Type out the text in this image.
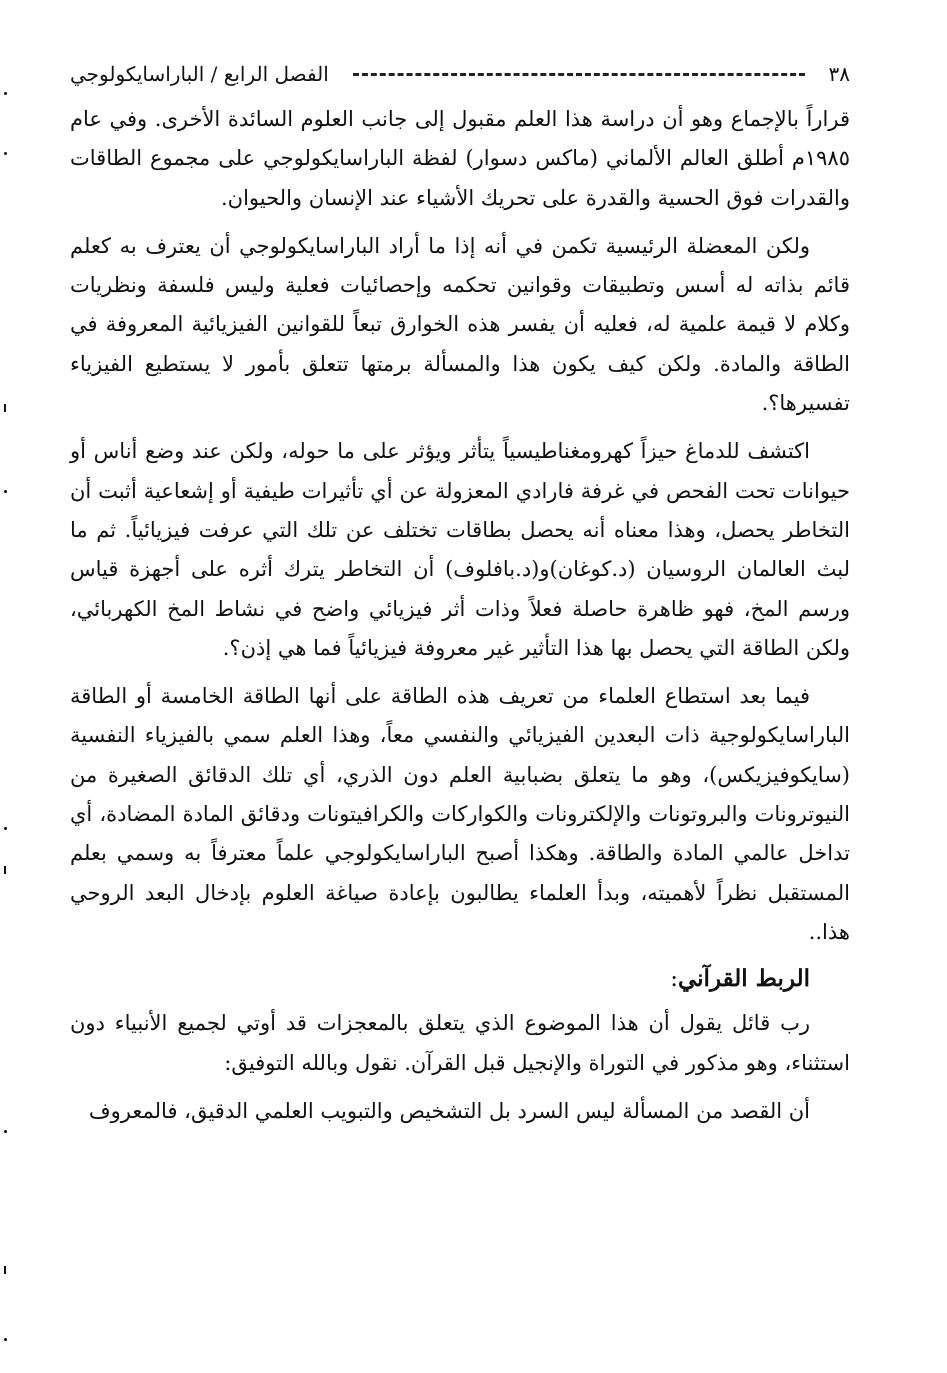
٣٨
الفصل الرابع / الباراسايكولوجي

قراراً بالإجماع وهو أن دراسة هذا العلم مقبول إلى جانب العلوم السائدة الأخرى. وفي عام ١٩٨٥م أطلق العالم الألماني (ماكس دسوار) لفظة الباراسايكولوجي على مجموع الطاقات والقدرات فوق الحسية والقدرة على تحريك الأشياء عند الإنسان والحيوان.

ولكن المعضلة الرئيسية تكمن في أنه إذا ما أراد الباراسايكولوجي أن يعترف به كعلم قائم بذاته له أسس وتطبيقات وقوانين تحكمه وإحصائيات فعلية وليس فلسفة ونظريات وكلام لا قيمة علمية له، فعليه أن يفسر هذه الخوارق تبعاً للقوانين الفيزيائية المعروفة في الطاقة والمادة. ولكن كيف يكون هذا والمسألة برمتها تتعلق بأمور لا يستطيع الفيزياء تفسيرها؟.

اكتشف للدماغ حيزاً كهرومغناطيسياً يتأثر ويؤثر على ما حوله، ولكن عند وضع أناس أو حيوانات تحت الفحص في غرفة فارادي المعزولة عن أي تأثيرات طيفية أو إشعاعية أثبت أن التخاطر يحصل، وهذا معناه أنه يحصل بطاقات تختلف عن تلك التي عرفت فيزيائياً. ثم ما لبث العالمان الروسيان (د.كوغان)و(د.بافلوف) أن التخاطر يترك أثره على أجهزة قياس ورسم المخ، فهو ظاهرة حاصلة فعلاً وذات أثر فيزيائي واضح في نشاط المخ الكهربائي، ولكن الطاقة التي يحصل بها هذا التأثير غير معروفة فيزيائياً فما هي إذن؟.

فيما بعد استطاع العلماء من تعريف هذه الطاقة على أنها الطاقة الخامسة أو الطاقة الباراسايكولوجية ذات البعدين الفيزيائي والنفسي معاً، وهذا العلم سمي بالفيزياء النفسية (سايكوفيزيكس)، وهو ما يتعلق بضبابية العلم دون الذري، أي تلك الدقائق الصغيرة من النيوترونات والبروتونات والإلكترونات والكواركات والكرافيتونات ودقائق المادة المضادة، أي تداخل عالمي المادة والطاقة. وهكذا أصبح الباراسايكولوجي علماً معترفاً به وسمي بعلم المستقبل نظراً لأهميته، وبدأ العلماء يطالبون بإعادة صياغة العلوم بإدخال البعد الروحي هذا..

الربط القرآني:

رب قائل يقول أن هذا الموضوع الذي يتعلق بالمعجزات قد أوتي لجميع الأنبياء دون استثناء، وهو مذكور في التوراة والإنجيل قبل القرآن. نقول وبالله التوفيق:

أن القصد من المسألة ليس السرد بل التشخيص والتبويب العلمي الدقيق، فالمعروف
